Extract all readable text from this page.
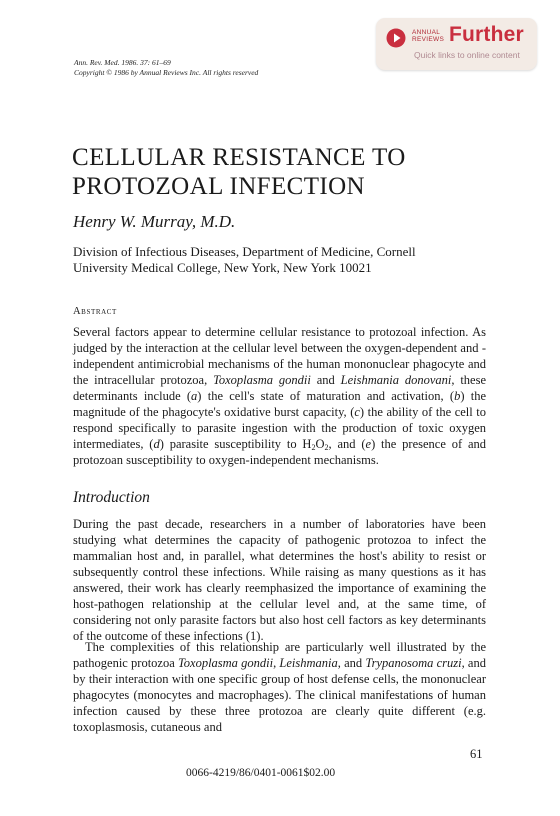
ANNUAL
REVIEWS Further
Quick links to online content
Ann. Rev. Med. 1986. 37: 61–69
Copyright © 1986 by Annual Reviews Inc. All rights reserved
CELLULAR RESISTANCE TO
PROTOZOAL INFECTION
Henry W. Murray, M.D.
Division of Infectious Diseases, Department of Medicine, Cornell
University Medical College, New York, New York 10021
Abstract

Several factors appear to determine cellular resistance to protozoal infection. As judged by the interaction at the cellular level between the oxygen-dependent and -independent antimicrobial mechanisms of the human mononuclear phagocyte and the intracellular protozoa, Toxoplasma gondii and Leishmania donovani, these determinants include (a) the cell's state of maturation and activation, (b) the magnitude of the phagocyte's oxidative burst capacity, (c) the ability of the cell to respond specifically to parasite ingestion with the production of toxic oxygen intermediates, (d) parasite susceptibility to $H_2O_2$, and (e) the presence of and protozoan susceptibility to oxygen-independent mechanisms.

Introduction

During the past decade, researchers in a number of laboratories have been studying what determines the capacity of pathogenic protozoa to infect the mammalian host and, in parallel, what determines the host's ability to resist or subsequently control these infections. While raising as many questions as it has answered, their work has clearly reemphasized the importance of examining the host-pathogen relationship at the cellular level and, at the same time, of considering not only parasite factors but also host cell factors as key determinants of the outcome of these infections (1).

The complexities of this relationship are particularly well illustrated by the pathogenic protozoa Toxoplasma gondii, Leishmania, and Trypanosoma cruzi, and by their interaction with one specific group of host defense cells, the mononuclear phagocytes (monocytes and macrophages). The clinical manifestations of human infection caused by these three protozoa are clearly quite different (e.g. toxoplasmosis, cutaneous and

61
0066-4219/86/0401-0061$02.00
